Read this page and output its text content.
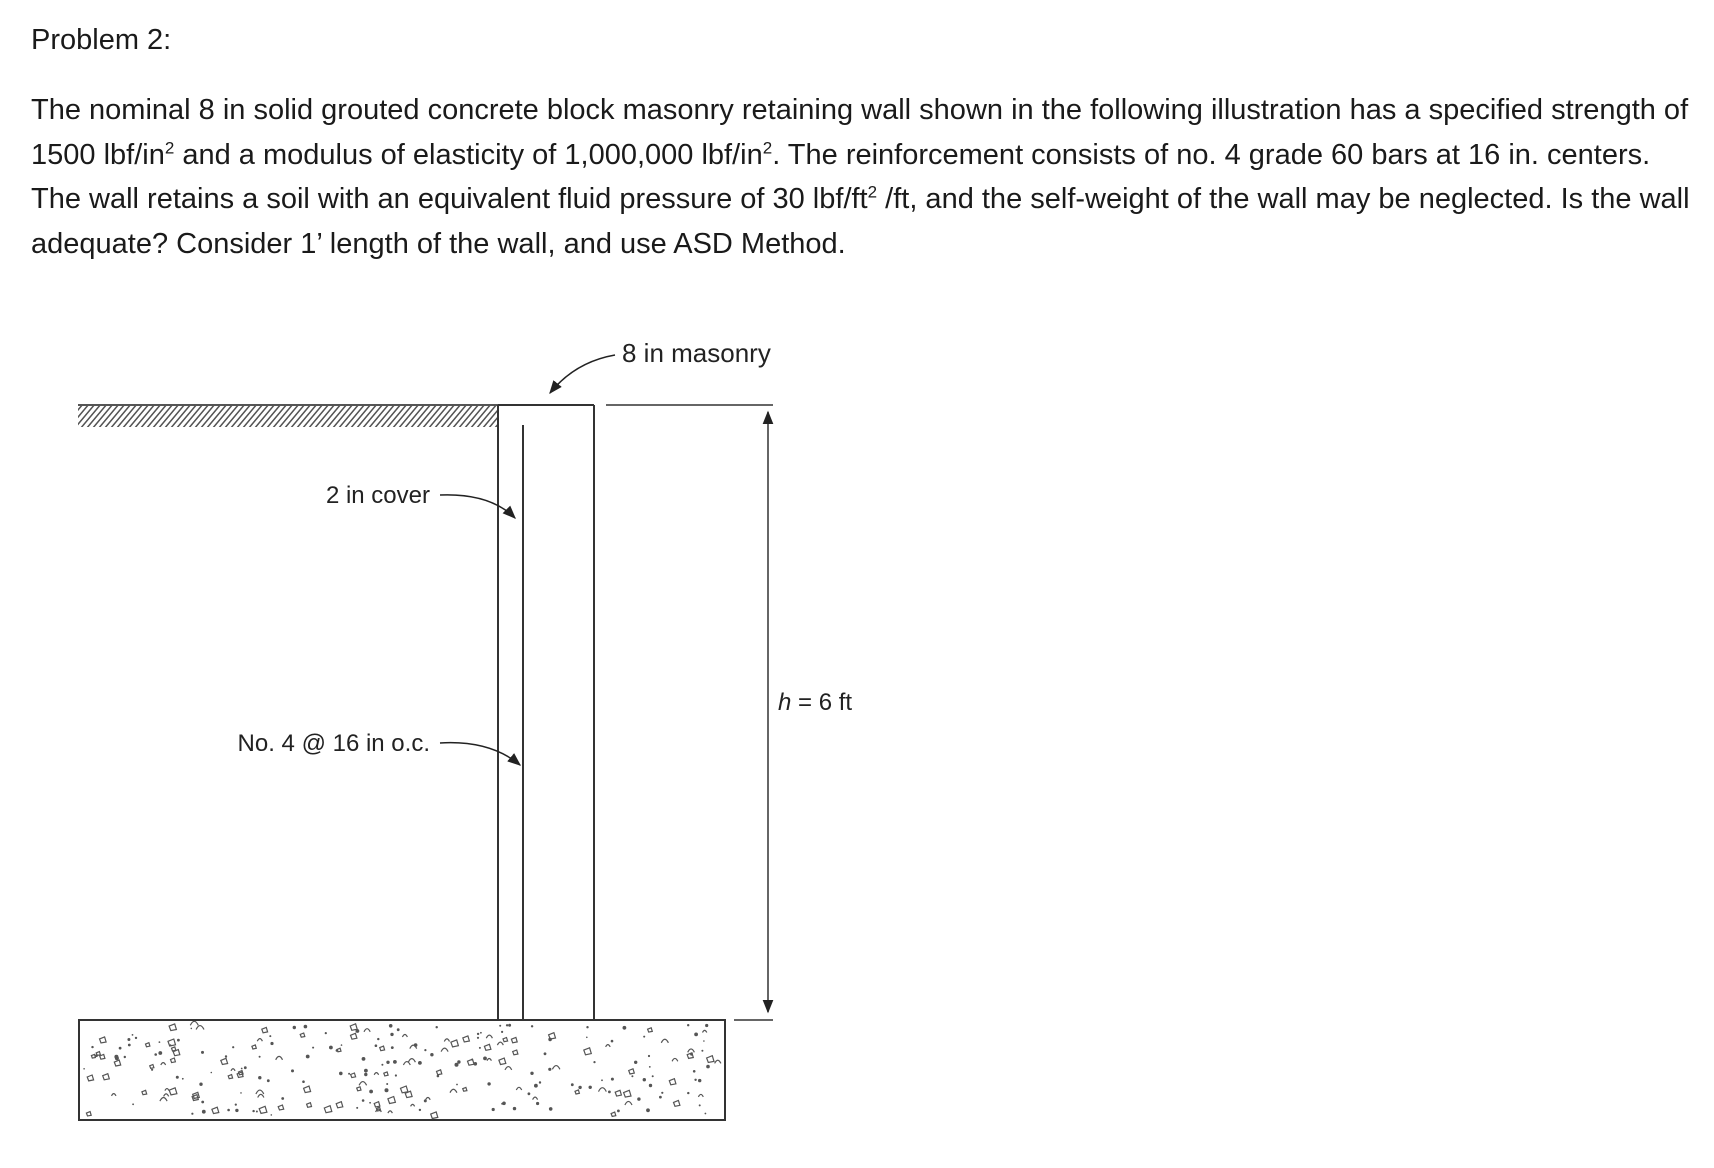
Problem 2:

The nominal 8 in solid grouted concrete block masonry retaining wall shown in the following illustration has a specified strength of 1500 lbf/$in^2$ and a modulus of elasticity of 1,000,000 lbf/$in^2$. The reinforcement consists of no. 4 grade 60 bars at 16 in. centers. The wall retains a soil with an equivalent fluid pressure of 30 lbf/$ft^2$ /ft, and the self-weight of the wall may be neglected. Is the wall adequate? Consider 1’ length of the wall, and use ASD Method.

8 in masonry
2 in cover
No. 4 @ 16 in o.c.
h = 6 ft
